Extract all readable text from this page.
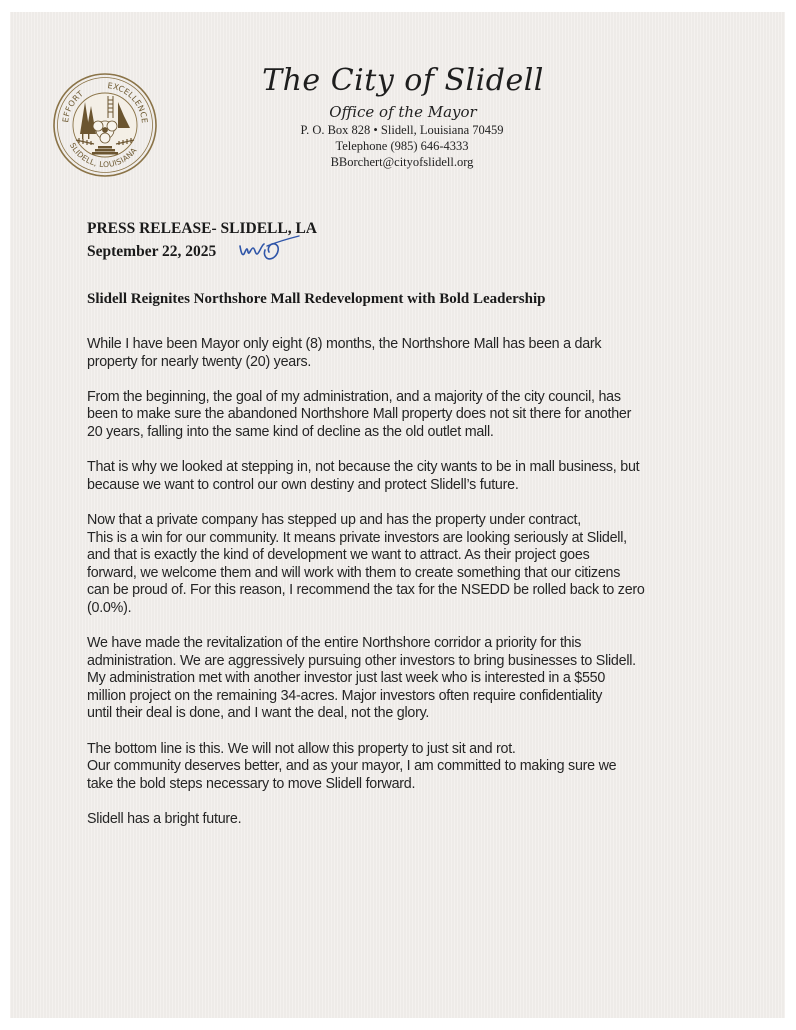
EFFORT
EXCELLENCE
SLIDELL, LOUISIANA
The City of Slidell
Office of the Mayor
P. O. Box 828 • Slidell, Louisiana 70459
Telephone (985) 646-4333
BBorchert@cityofslidell.org
PRESS RELEASE- SLIDELL, LA
September 22, 2025
Slidell Reignites Northshore Mall Redevelopment with Bold Leadership

While I have been Mayor only eight (8) months, the Northshore Mall has been a dark
property for nearly twenty (20) years.

From the beginning, the goal of my administration, and a majority of the city council, has
been to make sure the abandoned Northshore Mall property does not sit there for another
20 years, falling into the same kind of decline as the old outlet mall.

That is why we looked at stepping in, not because the city wants to be in mall business, but
because we want to control our own destiny and protect Slidell’s future.

Now that a private company has stepped up and has the property under contract,
This is a win for our community. It means private investors are looking seriously at Slidell,
and that is exactly the kind of development we want to attract. As their project goes
forward, we welcome them and will work with them to create something that our citizens
can be proud of. For this reason, I recommend the tax for the NSEDD be rolled back to zero
(0.0%).

We have made the revitalization of the entire Northshore corridor a priority for this
administration. We are aggressively pursuing other investors to bring businesses to Slidell.
My administration met with another investor just last week who is interested in a $550
million project on the remaining 34-acres. Major investors often require confidentiality
until their deal is done, and I want the deal, not the glory.

The bottom line is this. We will not allow this property to just sit and rot.
Our community deserves better, and as your mayor, I am committed to making sure we
take the bold steps necessary to move Slidell forward.

Slidell has a bright future.
